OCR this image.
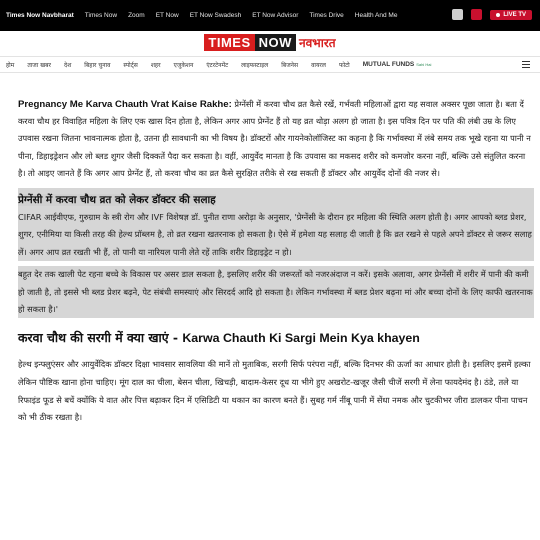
Times Now Navbharat Times Now Zoom ET Now ET Now Swadesh ET Now Advisor Times Drive Health And Me	LIVE TV
TIMES NOW नवभारत
होम ताजा खबर देश बिहार चुनाव स्पोर्ट्स शहर एजुकेशन एंटरटेनमेंट लाइफस्टाइल बिजनेस वायरल फोटो MUTUAL FUNDS Sahi Hai

Pregnancy Me Karva Chauth Vrat Kaise Rakhe: प्रेग्नेंसी में करवा चौथ व्रत कैसे रखें, गर्भवती महिलाओं द्वारा यह सवाल अक्सर पूछा जाता है। बता दें करवा चौथ हर विवाहित महिला के लिए एक खास दिन होता है, लेकिन अगर आप प्रेग्नेंट हैं तो यह व्रत थोड़ा अलग हो जाता है। इस पवित्र दिन पर पति की लंबी उम्र के लिए उपवास रखना जितना भावनात्मक होता है, उतना ही सावधानी का भी विषय है। डॉक्टरों और गायनेकोलॉजिस्ट का कहना है कि गर्भावस्था में लंबे समय तक भूखे रहना या पानी न पीना, डिहाइड्रेशन और लो ब्लड शुगर जैसी दिक्कतें पैदा कर सकता है। वहीं, आयुर्वेद मानता है कि उपवास का मकसद शरीर को कमजोर करना नहीं, बल्कि उसे संतुलित करना है। तो आइए जानते हैं कि अगर आप प्रेग्नेंट हैं, तो करवा चौथ का व्रत कैसे सुरक्षित तरीके से रख सकती हैं डॉक्टर और आयुर्वेद दोनों की नजर से।

प्रेग्नेंसी में करवा चौथ व्रत को लेकर डॉक्टर की सलाह

CIFAR आईवीएफ, गुरुग्राम के स्त्री रोग और IVF विशेषज्ञ डॉ. पुनीत राणा अरोड़ा के अनुसार, 'प्रेग्नेंसी के दौरान हर महिला की स्थिति अलग होती है। अगर आपको ब्लड प्रेशर, शुगर, एनीमिया या किसी तरह की हेल्थ प्रॉब्लम है, तो व्रत रखना खतरनाक हो सकता है। ऐसे में हमेशा यह सलाह दी जाती है कि व्रत रखने से पहले अपने डॉक्टर से जरूर सलाह लें। अगर आप व्रत रखती भी हैं, तो पानी या नारियल पानी लेते रहें ताकि शरीर डिहाइड्रेट न हो।

बहुत देर तक खाली पेट रहना बच्चे के विकास पर असर डाल सकता है, इसलिए शरीर की जरूरतों को नजरअंदाज न करें। इसके अलावा, अगर प्रेग्नेंसी में शरीर में पानी की कमी हो जाती है, तो इससे भी ब्लड प्रेशर बढ़ने, पेट संबंधी समस्याएं और सिरदर्द आदि हो सकता है। लेकिन गर्भावस्था में ब्लड प्रेशर बढ़ना मां और बच्चा दोनों के लिए काफी खतरनाक हो सकता है।'

करवा चौथ की सरगी में क्या खाएं - Karwa Chauth Ki Sargi Mein Kya khayen

हेल्थ इन्फ्लुएंसर और आयुर्वेदिक डॉक्टर दिक्षा भावसार सावलिया की मानें तो मुताबिक, सरगी सिर्फ परंपरा नहीं, बल्कि दिनभर की ऊर्जा का आधार होती है। इसलिए इसमें हल्का लेकिन पौष्टिक खाना होना चाहिए। मूंग दाल का चीला, बेसन चीला, खिचड़ी, बादाम-केसर दूध या भीगे हुए अखरोट-खजूर जैसी चीजें सरगी में लेना फायदेमंद है। ठंडे, तले या रिफाइंड फूड से बचें क्योंकि ये वात और पित्त बढ़ाकर दिन में एसिडिटी या थकान का कारण बनते हैं। सुबह गर्म नींबू पानी में सेंधा नमक और चुटकीभर जीरा डालकर पीना पाचन को भी ठीक रखता है।
